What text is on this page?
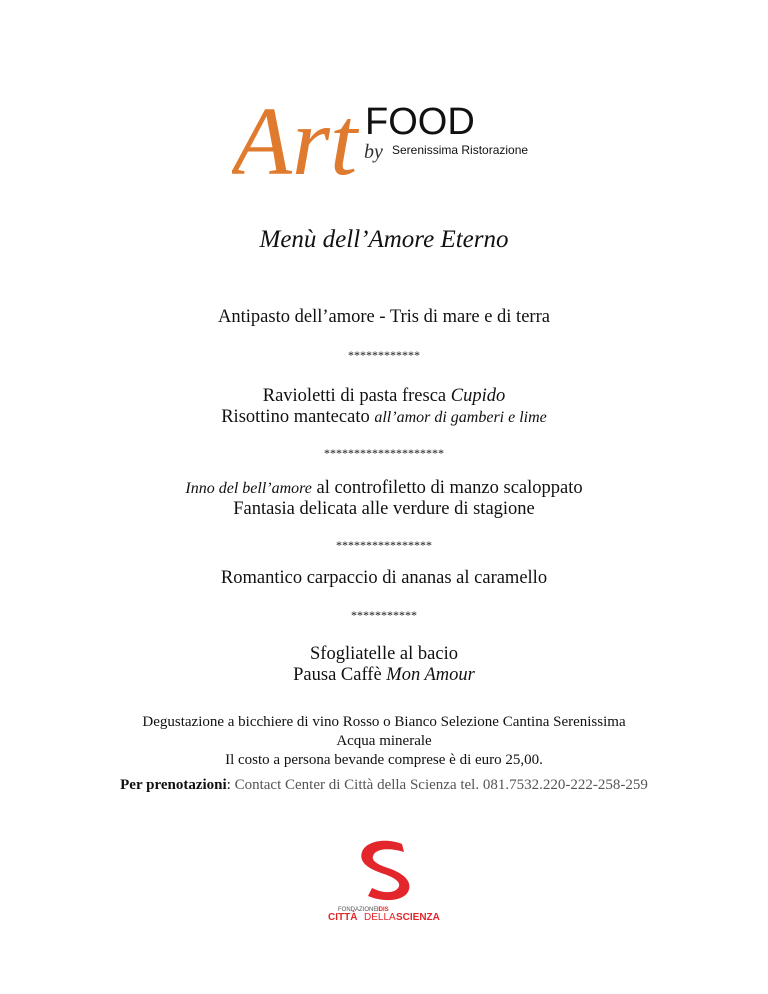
Art FOOD
by Serenissima Ristorazione
Menù dell’Amore Eterno
Antipasto dell’amore - Tris di mare e di terra
************
Ravioletti di pasta fresca Cupido
Risottino mantecato all’amor di gamberi e lime
********************
Inno del bell’amore al controfiletto di manzo scaloppato
Fantasia delicata alle verdure di stagione
****************
Romantico carpaccio di ananas al caramello
***********
Sfogliatelle al bacio
Pausa Caffè Mon Amour
Degustazione a bicchiere di vino Rosso o Bianco Selezione Cantina Serenissima
Acqua minerale
Il costo a persona bevande comprese è di euro 25,00.
Per prenotazioni: Contact Center di Città della Scienza tel. 081.7532.220-222-258-259
FONDAZIONE IDIS
CITTÀ DELLA SCIENZA
